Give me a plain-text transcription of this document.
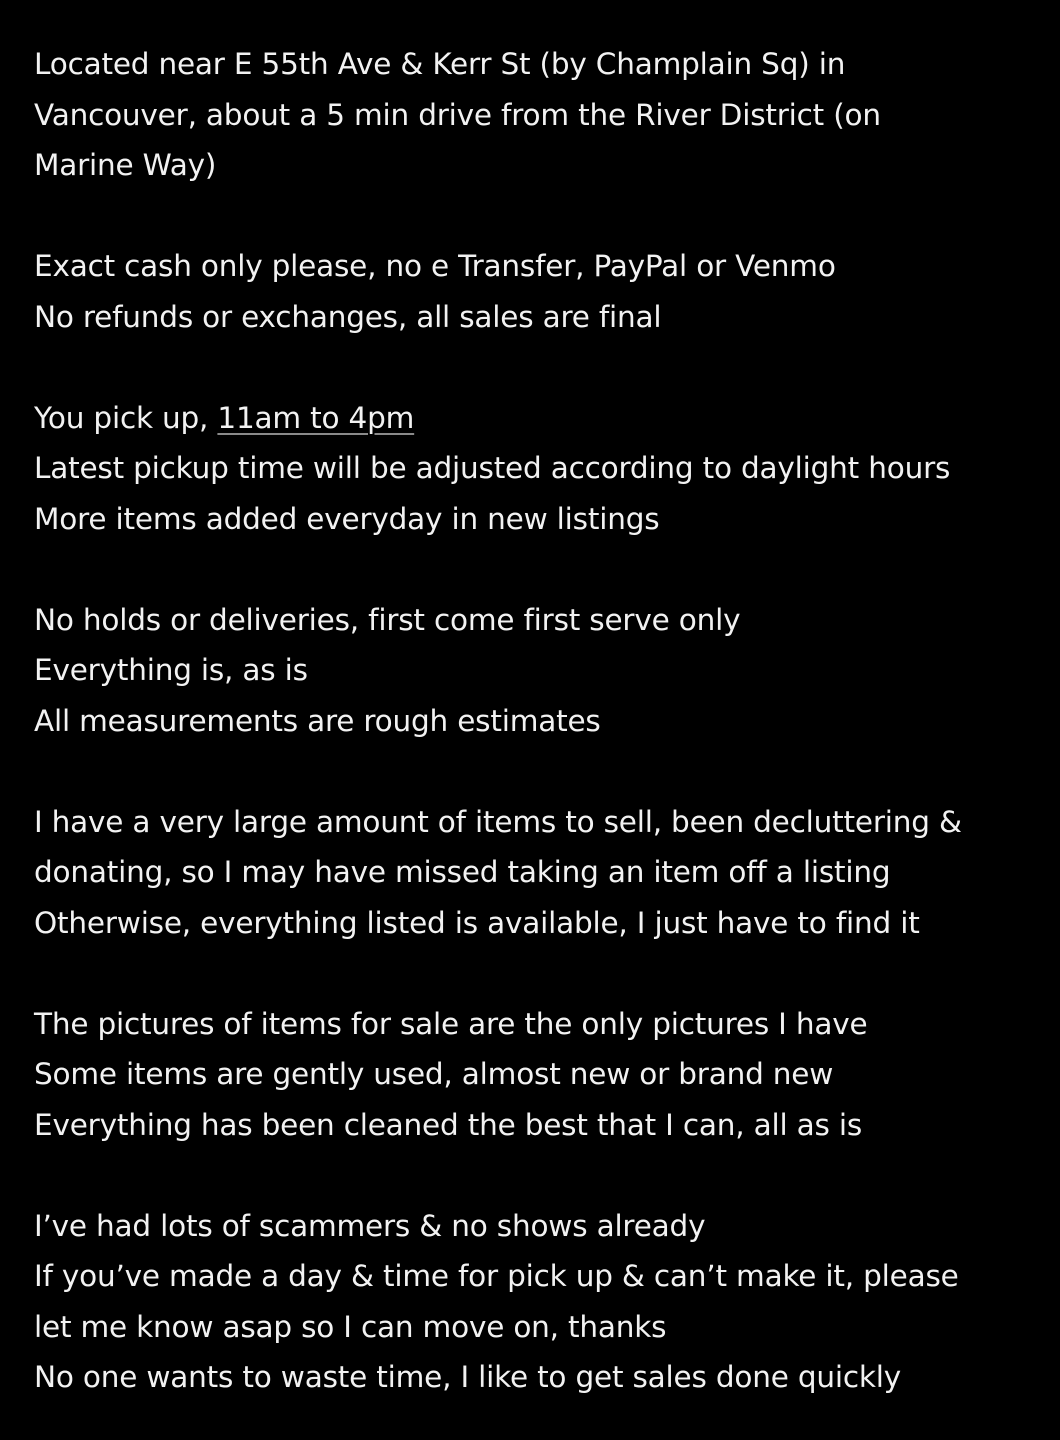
Located near E 55th Ave & Kerr St (by Champlain Sq) in
Vancouver, about a 5 min drive from the River District (on
Marine Way)
Exact cash only please, no e Transfer, PayPal or Venmo
No refunds or exchanges, all sales are final
You pick up, 11am to 4pm
Latest pickup time will be adjusted according to daylight hours
More items added everyday in new listings
No holds or deliveries, first come first serve only
Everything is, as is
All measurements are rough estimates
I have a very large amount of items to sell, been decluttering &
donating, so I may have missed taking an item off a listing
Otherwise, everything listed is available, I just have to find it
The pictures of items for sale are the only pictures I have
Some items are gently used, almost new or brand new
Everything has been cleaned the best that I can, all as is
I’ve had lots of scammers & no shows already
If you’ve made a day & time for pick up & can’t make it, please
let me know asap so I can move on, thanks
No one wants to waste time, I like to get sales done quickly
